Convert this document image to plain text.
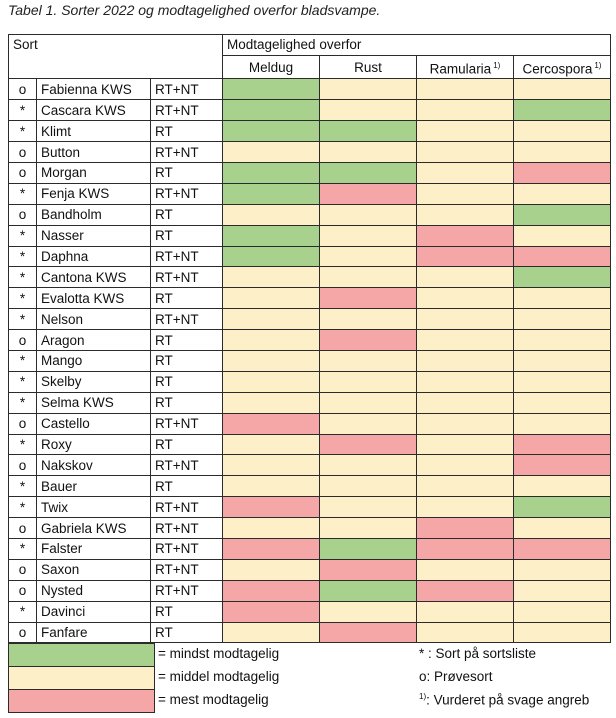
Tabel 1. Sorter 2022 og modtagelighed overfor bladsvampe.
Sort			Modtagelighed overfor			
			Meldug	Rust	Ramularia $^{1)}$	Cercospora $^{1)}$
o	Fabienna KWS	RT+NT				
*	Cascara KWS	RT+NT				
*	Klimt	RT				
o	Button	RT+NT				
o	Morgan	RT				
*	Fenja KWS	RT+NT				
o	Bandholm	RT				
*	Nasser	RT				
*	Daphna	RT+NT				
*	Cantona KWS	RT+NT				
*	Evalotta KWS	RT				
*	Nelson	RT+NT				
o	Aragon	RT				
*	Mango	RT				
*	Skelby	RT				
*	Selma KWS	RT				
o	Castello	RT+NT				
*	Roxy	RT				
o	Nakskov	RT+NT				
*	Bauer	RT				
*	Twix	RT+NT				
o	Gabriela KWS	RT+NT				
*	Falster	RT+NT				
o	Saxon	RT+NT				
o	Nysted	RT+NT				
*	Davinci	RT				
o	Fanfare	RT				
= mindst modtagelig
= middel modtagelig
= mest modtagelig
* : Sort på sortsliste
o: Prøvesort
$^{1)}$: Vurderet på svage angreb
